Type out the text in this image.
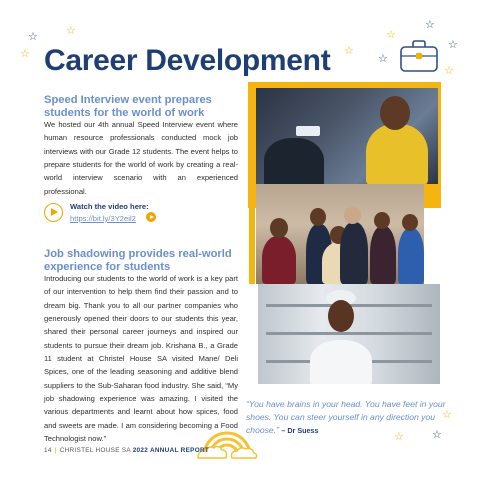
Career Development
☆	☆
☆	☆
☆
☆
☆
☆
☆
☆
☆
☆
Speed Interview event prepares students for the world of work

We hosted our 4th annual Speed Interview event where human resource professionals conducted mock job interviews with our Grade 12 students. The event helps to prepare students for the world of work by creating a real-world interview scenario with an experienced professional.

Watch the video here:
https://bit.ly/3Y2eil2
Job shadowing provides real-world experience for students

Introducing our students to the world of work is a key part of our intervention to help them find their passion and to dream big. Thank you to all our partner companies who generously opened their doors to our students this year, shared their personal career journeys and inspired our students to pursue their dream job. Krishana B., a Grade 11 student at Christel House SA visited Mane/ Deli Spices, one of the leading seasoning and additive blend suppliers to the Sub-Saharan food industry. She said, “My job shadowing experience was amazing. I visited the various departments and learnt about how spices, food and sweets are made. I am considering becoming a Food Technologist now.”

“You have brains in your head. You have feet in your shoes. You can steer yourself in any direction you choose.” – Dr Suess

14 | CHRISTEL HOUSE SA 2022 ANNUAL REPORT
